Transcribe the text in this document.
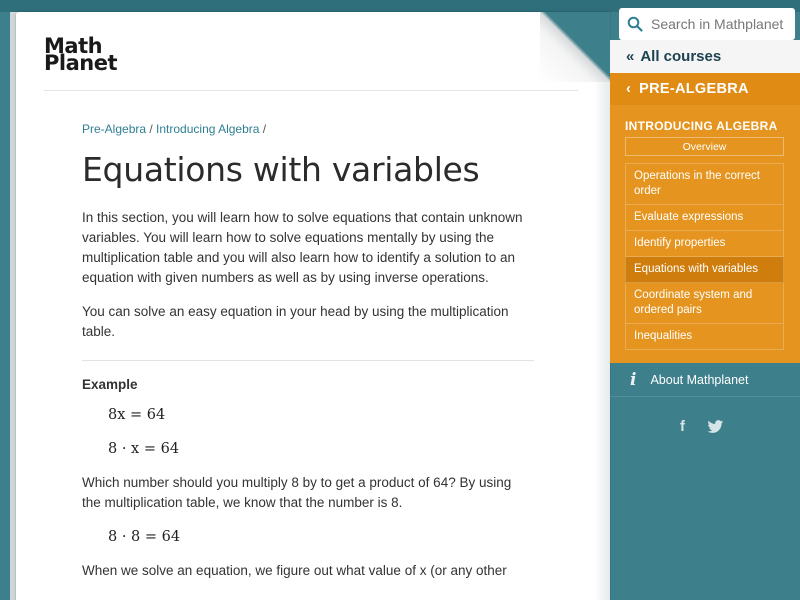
Math
Planet
Pre-Algebra / Introducing Algebra /
Equations with variables

In this section, you will learn how to solve equations that contain unknown variables. You will learn how to solve equations mentally by using the multiplication table and you will also learn how to identify a solution to an equation with given numbers as well as by using inverse operations.

You can solve an easy equation in your head by using the multiplication table.

Example
8x = 64
8 · x = 64

Which number should you multiply 8 by to get a product of 64? By using the multiplication table, we know that the number is 8.

8 · 8 = 64

When we solve an equation, we figure out what value of x (or any other

Search in Mathplanet
« All courses
‹ PRE-ALGEBRA
INTRODUCING ALGEBRA
Overview
Operations in the correct order
Evaluate expressions
Identify properties
Equations with variables
Coordinate system and ordered pairs
Inequalities
i About Mathplanet
f
